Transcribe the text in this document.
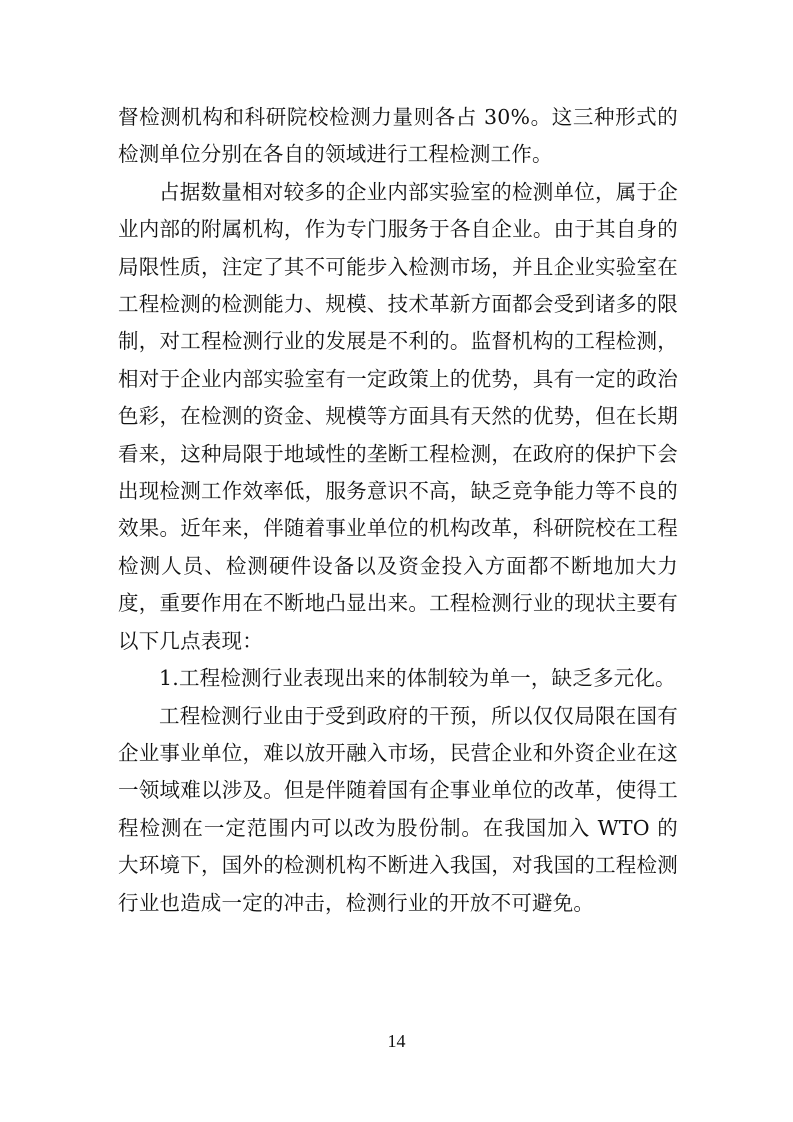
督检测机构和科研院校检测力量则各占 30%。这三种形式的检测单位分别在各自的领域进行工程检测工作。

占据数量相对较多的企业内部实验室的检测单位，属于企业内部的附属机构，作为专门服务于各自企业。由于其自身的局限性质，注定了其不可能步入检测市场，并且企业实验室在工程检测的检测能力、规模、技术革新方面都会受到诸多的限制，对工程检测行业的发展是不利的。监督机构的工程检测，相对于企业内部实验室有一定政策上的优势，具有一定的政治色彩，在检测的资金、规模等方面具有天然的优势，但在长期看来，这种局限于地域性的垄断工程检测，在政府的保护下会出现检测工作效率低，服务意识不高，缺乏竞争能力等不良的效果。近年来，伴随着事业单位的机构改革，科研院校在工程检测人员、检测硬件设备以及资金投入方面都不断地加大力度，重要作用在不断地凸显出来。工程检测行业的现状主要有以下几点表现：

1.工程检测行业表现出来的体制较为单一，缺乏多元化。

工程检测行业由于受到政府的干预，所以仅仅局限在国有企业事业单位，难以放开融入市场，民营企业和外资企业在这一领域难以涉及。但是伴随着国有企事业单位的改革，使得工程检测在一定范围内可以改为股份制。在我国加入 WTO 的大环境下，国外的检测机构不断进入我国，对我国的工程检测行业也造成一定的冲击，检测行业的开放不可避免。

14
